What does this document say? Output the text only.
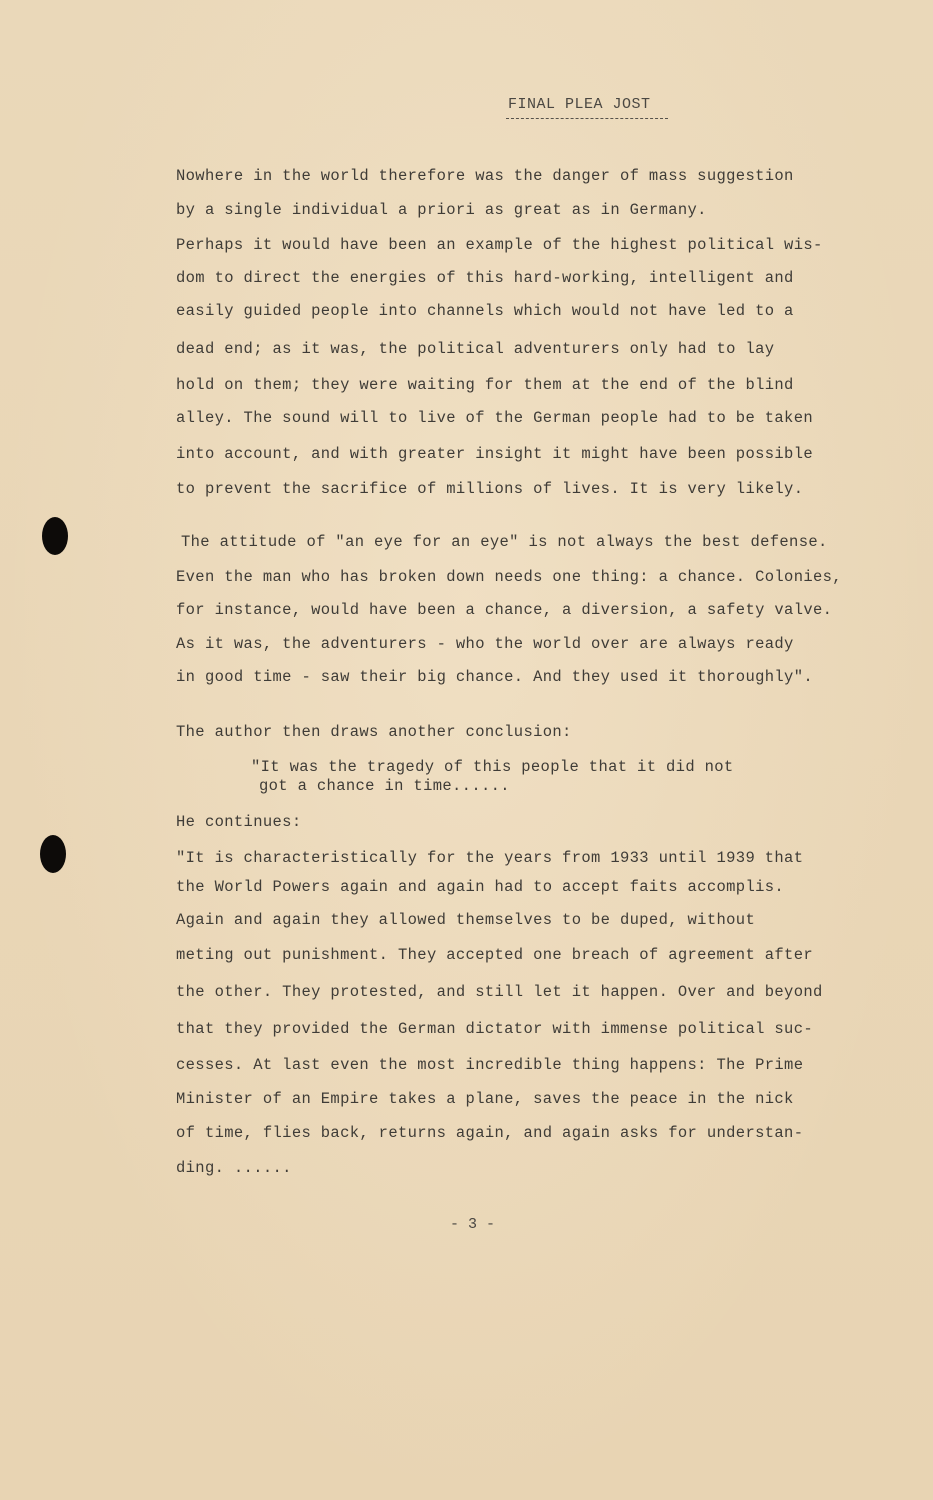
FINAL PLEA JOST
Nowhere in the world therefore was the danger of mass suggestion
by a single individual a priori as great as in Germany.
Perhaps it would have been an example of the highest political wis-
dom to direct the energies of this hard-working, intelligent and
easily guided people into channels which would not have led to a
dead end; as it was, the political adventurers only had to lay
hold on them; they were waiting for them at the end of the blind
alley. The sound will to live of the German people had to be taken
into account, and with greater insight it might have been possible
to prevent the sacrifice of millions of lives. It is very likely.
The attitude of "an eye for an eye" is not always the best defense.
Even the man who has broken down needs one thing: a chance. Colonies,
for instance, would have been a chance, a diversion, a safety valve.
As it was, the adventurers - who the world over are always ready
in good time - saw their big chance. And they used it thoroughly".
The author then draws another conclusion:
"It was the tragedy of this people that it did not
got a chance in time......
He continues:
"It is characteristically for the years from 1933 until 1939 that
the World Powers again and again had to accept faits accomplis.
Again and again they allowed themselves to be duped, without
meting out punishment. They accepted one breach of agreement after
the other. They protested, and still let it happen. Over and beyond
that they provided the German dictator with immense political suc-
cesses. At last even the most incredible thing happens: The Prime
Minister of an Empire takes a plane, saves the peace in the nick
of time, flies back, returns again, and again asks for understan-
ding. ......
- 3 -
